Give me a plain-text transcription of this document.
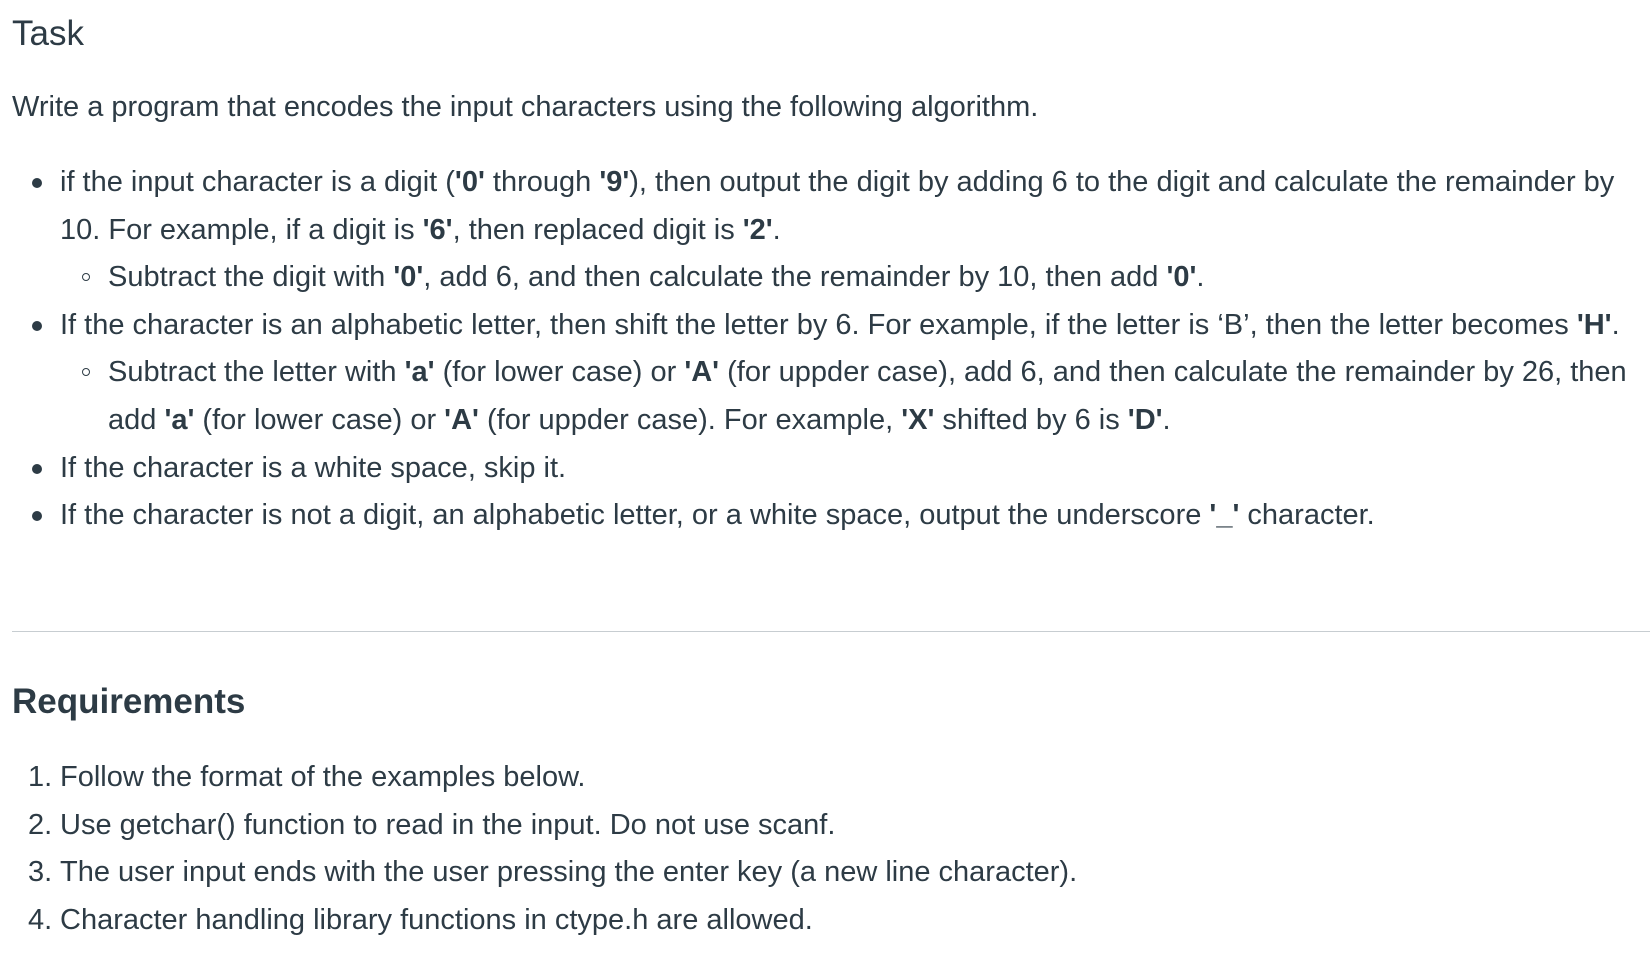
Task

Write a program that encodes the input characters using the following algorithm.

if the input character is a digit ('0' through '9'), then output the digit by adding 6 to the digit and calculate the remainder by 10. For example, if a digit is '6', then replaced digit is '2'.
Subtract the digit with '0', add 6, and then calculate the remainder by 10, then add '0'.
If the character is an alphabetic letter, then shift the letter by 6. For example, if the letter is ‘B’, then the letter becomes 'H'.
Subtract the letter with 'a' (for lower case) or 'A' (for uppder case), add 6, and then calculate the remainder by 26, then add 'a' (for lower case) or 'A' (for uppder case). For example, 'X' shifted by 6 is 'D'.
If the character is a white space, skip it.
If the character is not a digit, an alphabetic letter, or a white space, output the underscore '_' character.
Requirements
1. Follow the format of the examples below.
2. Use getchar() function to read in the input. Do not use scanf.
3. The user input ends with the user pressing the enter key (a new line character).
4. Character handling library functions in ctype.h are allowed.
